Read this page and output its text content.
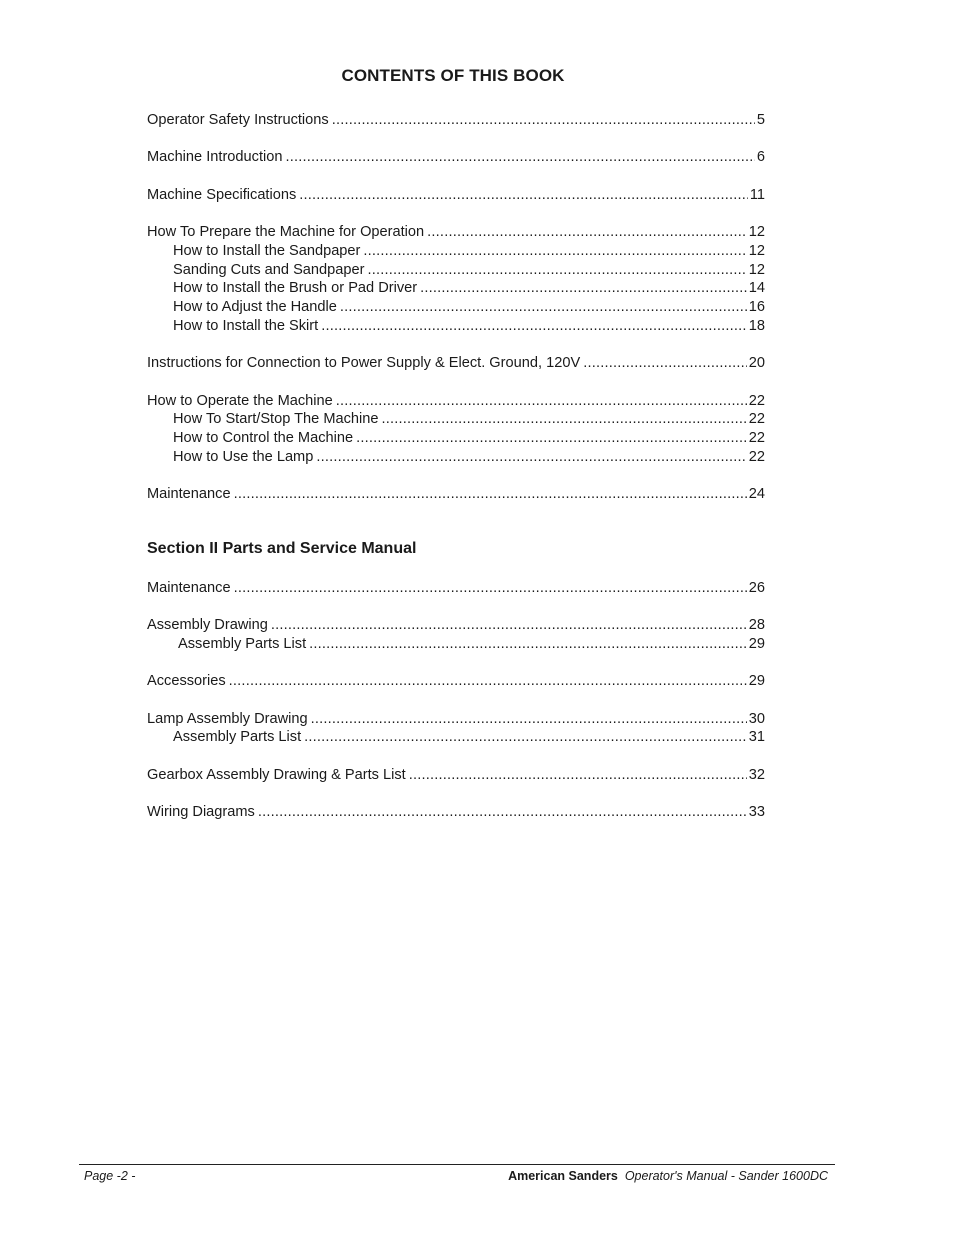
CONTENTS OF THIS BOOK
Operator Safety Instructions .....	5
Machine Introduction .....	6
Machine Specifications .....	11
How To Prepare the Machine for Operation .....	12
How to Install the Sandpaper .....	12
Sanding Cuts and Sandpaper .....	12
How to Install the Brush or Pad Driver .....	14
How to Adjust the Handle .....	16
How to Install the Skirt .....	18
Instructions for Connection to Power Supply & Elect. Ground, 120V .....	20
How to Operate the Machine .....	22
How To Start/Stop The Machine .....	22
How to Control the Machine .....	22
How to Use the Lamp .....	22
Maintenance .....	24
Maintenance .....	26
Assembly Drawing .....	28
Assembly Parts List .....	29
Accessories .....	29
Lamp Assembly Drawing .....	30
Assembly Parts List .....	31
Gearbox Assembly Drawing & Parts List .....	32
Wiring Diagrams .....	33
Section II Parts and Service Manual
Page -2 -	American Sanders Operator's Manual - Sander 1600DC
